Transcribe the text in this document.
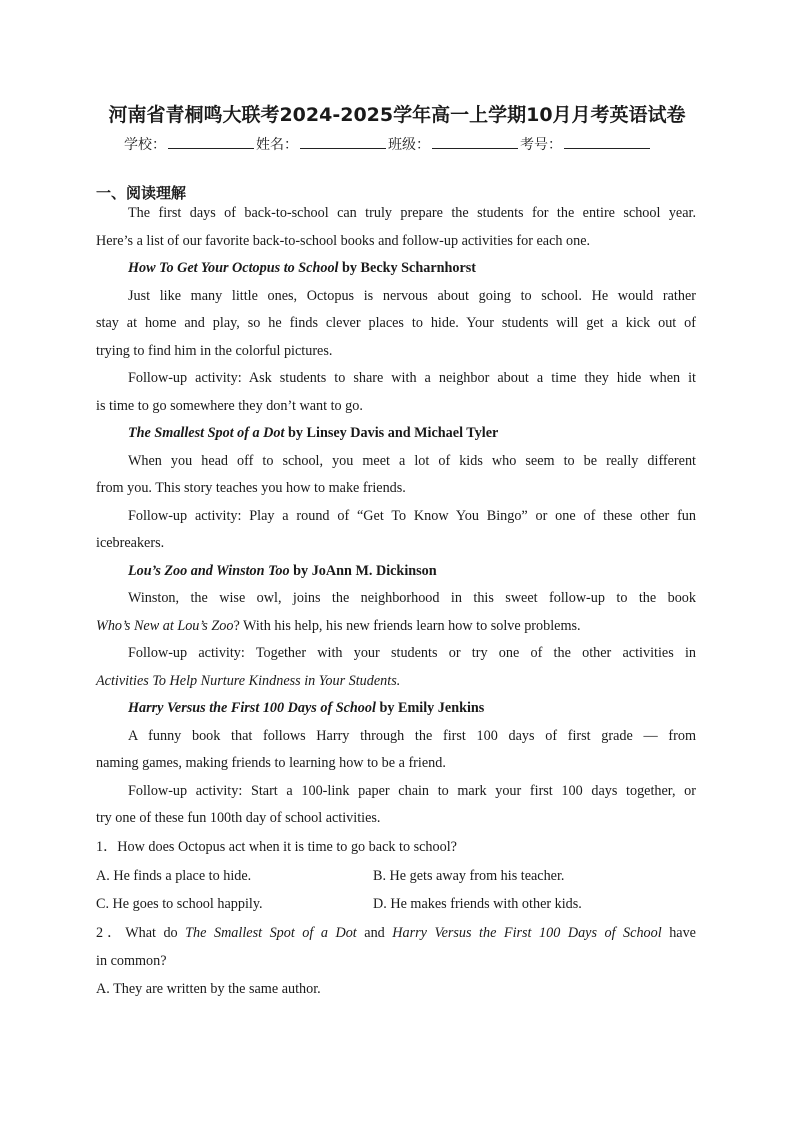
河南省青桐鸣大联考2024-2025学年高一上学期10月月考英语试卷
学校：	姓名：	班级：	考号：
一、阅读理解

The first days of back-to-school can truly prepare the students for the entire school year.

Here’s a list of our favorite back-to-school books and follow-up activities for each one.

How To Get Your Octopus to School by Becky Scharnhorst

Just like many little ones, Octopus is nervous about going to school. He would rather

stay at home and play, so he finds clever places to hide. Your students will get a kick out of

trying to find him in the colorful pictures.

Follow-up activity: Ask students to share with a neighbor about a time they hide when it

is time to go somewhere they don’t want to go.

The Smallest Spot of a Dot by Linsey Davis and Michael Tyler

When you head off to school, you meet a lot of kids who seem to be really different

from you. This story teaches you how to make friends.

Follow-up activity: Play a round of “Get To Know You Bingo” or one of these other fun

icebreakers.

Lou’s Zoo and Winston Too by JoAnn M. Dickinson

Winston, the wise owl, joins the neighborhood in this sweet follow-up to the book

Who’s New at Lou’s Zoo? With his help, his new friends learn how to solve problems.

Follow-up activity: Together with your students or try one of the other activities in

Activities To Help Nurture Kindness in Your Students.

Harry Versus the First 100 Days of School by Emily Jenkins

A funny book that follows Harry through the first 100 days of first grade — from

naming games, making friends to learning how to be a friend.

Follow-up activity: Start a 100-link paper chain to mark your first 100 days together, or

try one of these fun 100th day of school activities.

1．How does Octopus act when it is time to go back to school?

A. He finds a place to hide.	B. He gets away from his teacher.
C. He goes to school happily.	D. He makes friends with other kids.

2．What do The Smallest Spot of a Dot and Harry Versus the First 100 Days of School have

in common?

A. They are written by the same author.
